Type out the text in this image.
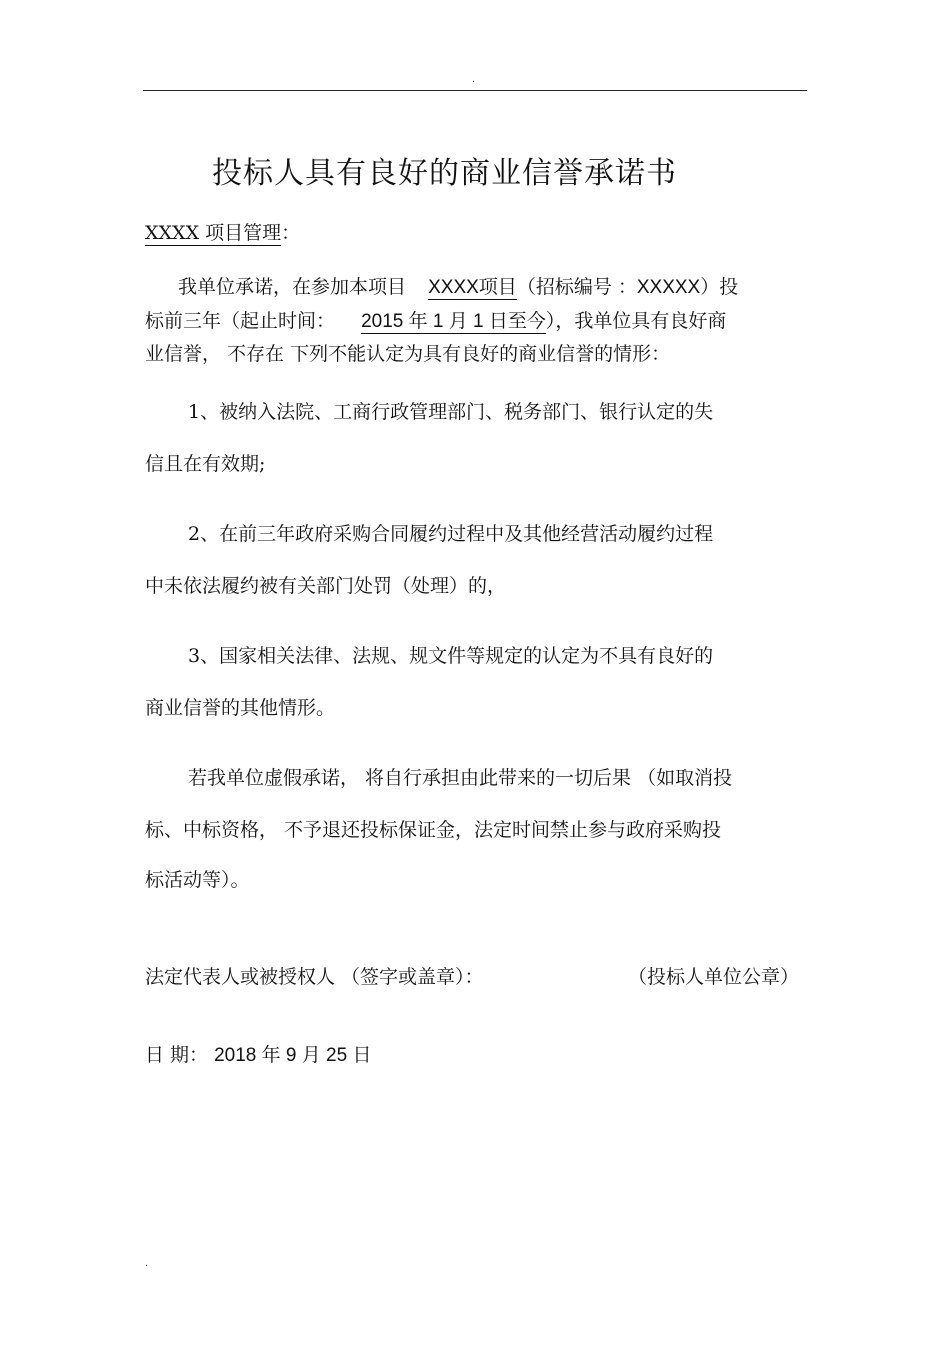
.
投标人具有良好的商业信誉承诺书
XXXX 项目管理：
我单位承诺，在参加本项目 XXXX项目（招标编号 ：XXXXX）投
标前三年（起止时间： 2015 年 1 月 1 日至今），我单位具有良好商
业信誉， 不存在 下列不能认定为具有良好的商业信誉的情形：
1、被纳入法院、工商行政管理部门、税务部门、银行认定的失
信且在有效期;
2、在前三年政府采购合同履约过程中及其他经营活动履约过程
中未依法履约被有关部门处罚（处理）的，
3、国家相关法律、法规、规文件等规定的认定为不具有良好的
商业信誉的其他情形。
若我单位虚假承诺， 将自行承担由此带来的一切后果 （如取消投
标、中标资格， 不予退还投标保证金，法定时间禁止参与政府采购投
标活动等）。
法定代表人或被授权人 （签字或盖章）：	（投标人单位公章）
日 期： 2018 年 9 月 25 日
.
